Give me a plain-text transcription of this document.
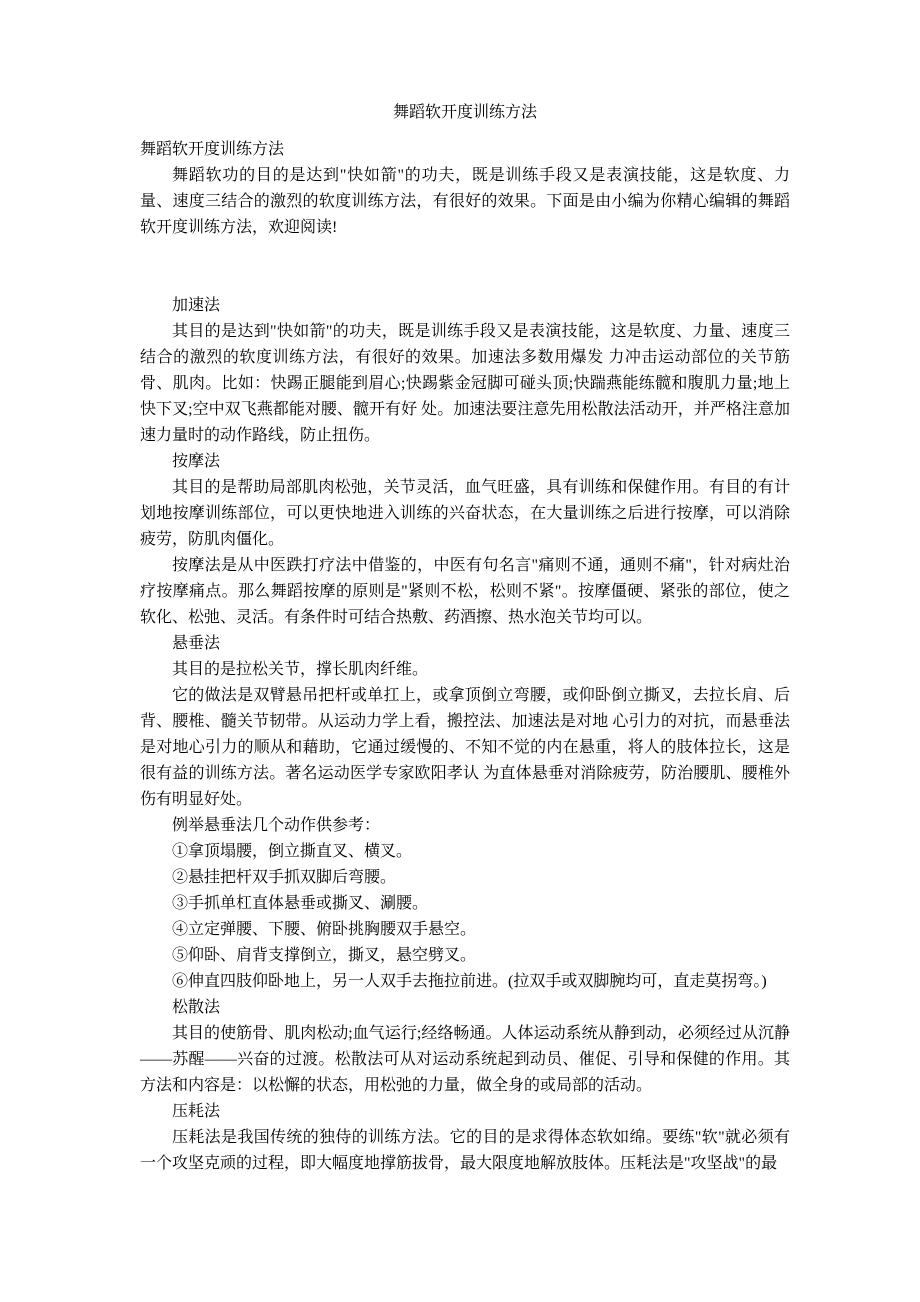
舞蹈软开度训练方法

舞蹈软开度训练方法

舞蹈软功的目的是达到"快如箭"的功夫，既是训练手段又是表演技能，这是软度、力量、速度三结合的激烈的软度训练方法，有很好的效果。下面是由小编为你精心编辑的舞蹈软开度训练方法，欢迎阅读!

加速法

其目的是达到"快如箭"的功夫，既是训练手段又是表演技能，这是软度、力量、速度三结合的激烈的软度训练方法，有很好的效果。加速法多数用爆发 力冲击运动部位的关节筋骨、肌肉。比如：快踢正腿能到眉心;快踢紫金冠脚可碰头顶;快踹燕能练髋和腹肌力量;地上快下叉;空中双飞燕都能对腰、髋开有好 处。加速法要注意先用松散法活动开，并严格注意加速力量时的动作路线，防止扭伤。

按摩法

其目的是帮助局部肌肉松弛，关节灵活，血气旺盛，具有训练和保健作用。有目的有计划地按摩训练部位，可以更快地进入训练的兴奋状态，在大量训练之后进行按摩，可以消除疲劳，防肌肉僵化。

按摩法是从中医跌打疗法中借鉴的，中医有句名言"痛则不通，通则不痛"，针对病灶治疗按摩痛点。那么舞蹈按摩的原则是"紧则不松，松则不紧"。按摩僵硬、紧张的部位，使之软化、松弛、灵活。有条件时可结合热敷、药酒擦、热水泡关节均可以。

悬垂法

其目的是拉松关节，撑长肌肉纤维。

它的做法是双臂悬吊把杆或单扛上，或拿顶倒立弯腰，或仰卧倒立撕叉，去拉长肩、后背、腰椎、髓关节韧带。从运动力学上看，搬控法、加速法是对地 心引力的对抗，而悬垂法是对地心引力的顺从和藉助，它通过缓慢的、不知不觉的内在悬重，将人的肢体拉长，这是很有益的训练方法。著名运动医学专家欧阳孝认 为直体悬垂对消除疲劳，防治腰肌、腰椎外伤有明显好处。

例举悬垂法几个动作供参考：

①拿顶塌腰，倒立撕直叉、横叉。

②悬挂把杆双手抓双脚后弯腰。

③手抓单杠直体悬垂或撕叉、涮腰。

④立定弹腰、下腰、俯卧挑胸腰双手悬空。

⑤仰卧、肩背支撑倒立，撕叉，悬空劈叉。

⑥伸直四肢仰卧地上，另一人双手去拖拉前进。(拉双手或双脚腕均可，直走莫拐弯。)

松散法

其目的使筋骨、肌肉松动;血气运行;经络畅通。人体运动系统从静到动，必须经过从沉静——苏醒——兴奋的过渡。松散法可从对运动系统起到动员、催促、引导和保健的作用。其方法和内容是：以松懈的状态，用松弛的力量，做全身的或局部的活动。

压耗法

压耗法是我国传统的独侍的训练方法。它的目的是求得体态软如绵。要练"软"就必须有一个攻坚克顽的过程，即大幅度地撑筋拔骨，最大限度地解放肢体。压耗法是"攻坚战"的最
